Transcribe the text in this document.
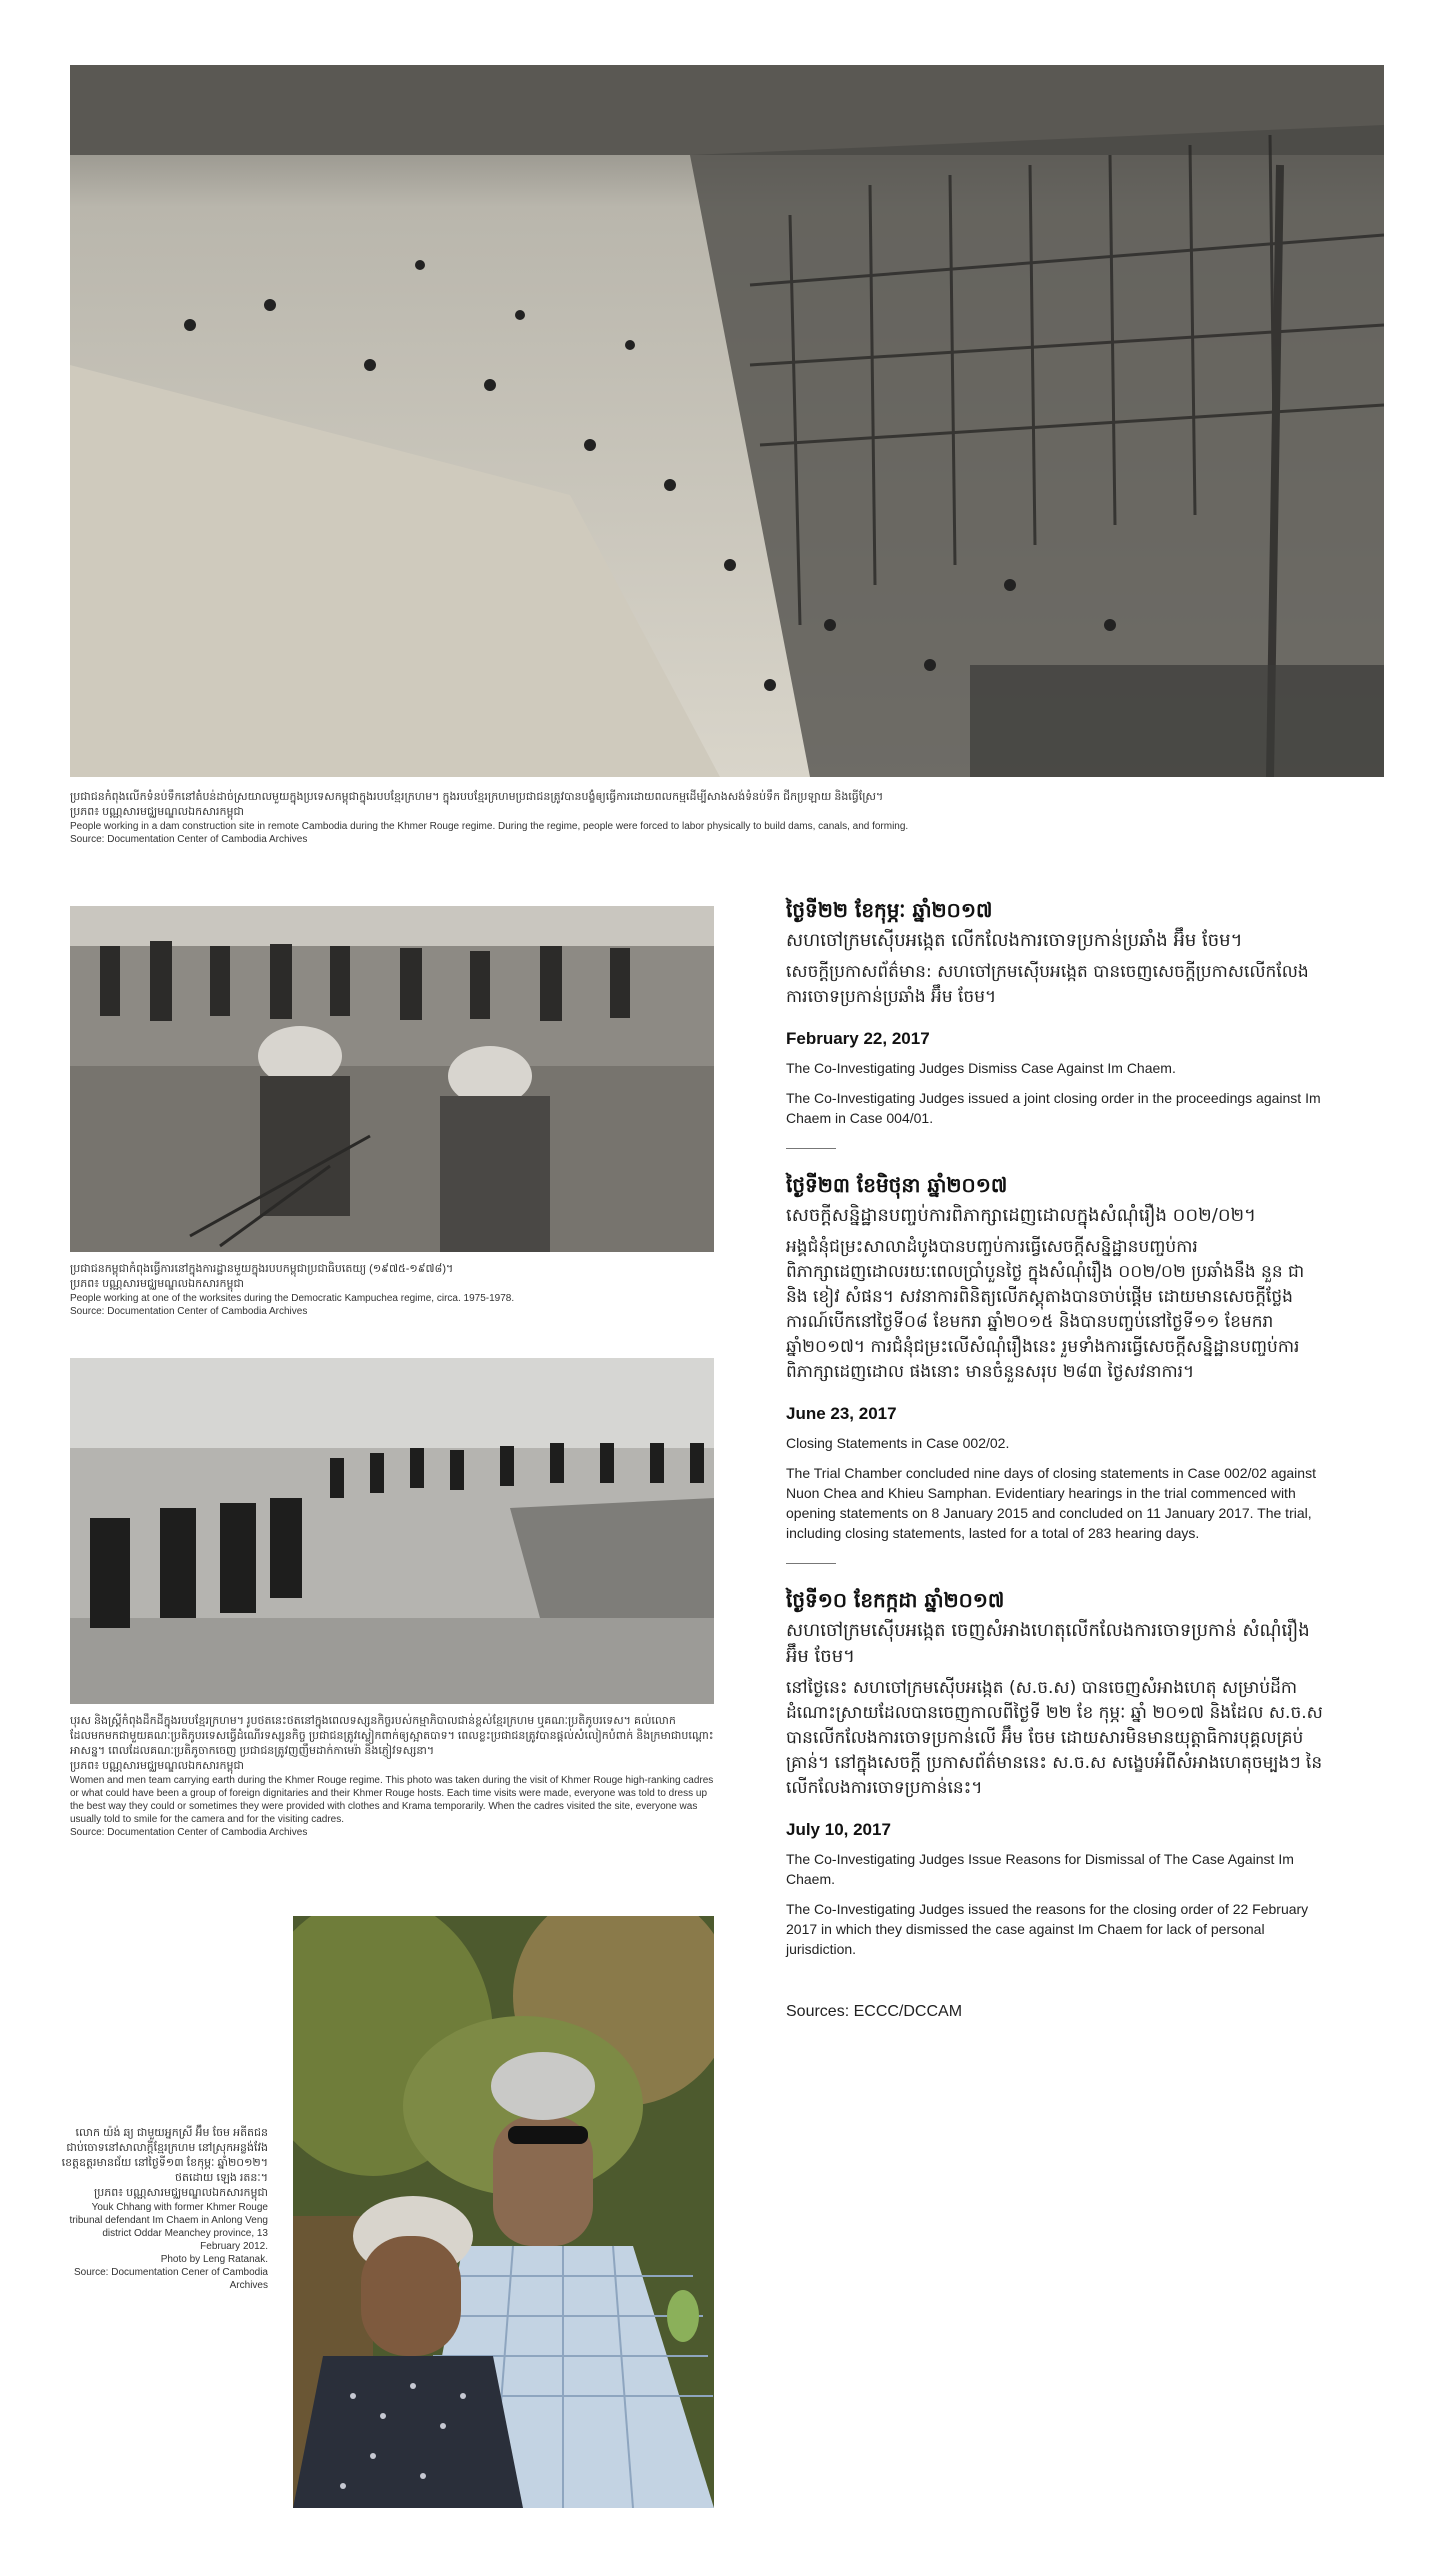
ប្រជាជនកំពុងលើកទំនប់ទឹកនៅតំបន់ដាច់ស្រយាលមួយក្នុងប្រទេសកម្ពុជាក្នុងរបបខ្មែរក្រហម។ ក្នុងរបបខ្មែរក្រហមប្រជាជនត្រូវបានបង្ខំឲ្យធ្វើការដោយពលកម្មដើម្បីសាងសង់ទំនប់ទឹក ជីកប្រឡាយ និងធ្វើស្រែ។
ប្រភព៖ បណ្ណសារមជ្ឈមណ្ឌលឯកសារកម្ពុជា
People working in a dam construction site in remote Cambodia during the Khmer Rouge regime. During the regime, people were forced to labor physically to build dams, canals, and forming.
Source: Documentation Center of Cambodia Archives
ប្រជាជនកម្ពុជាកំពុងធ្វើការនៅក្នុងការដ្ឋានមួយក្នុងរបបកម្ពុជាប្រជាធិបតេយ្យ (១៩៧៥-១៩៧៨)។
ប្រភព៖ បណ្ណសារមជ្ឈមណ្ឌលឯកសារកម្ពុជា
People working at one of the worksites during the Democratic Kampuchea regime, circa. 1975-1978.
Source: Documentation Center of Cambodia Archives
បុរស និងស្ត្រីកំពុងដឹកដីក្នុងរបបខ្មែរក្រហម។ រូបថតនេះថតនៅក្នុងពេលទស្សនកិច្ចរបស់កម្មាភិបាលជាន់ខ្ពស់ខ្មែរក្រហម ឬគណៈប្រតិភូបរទេស។ គល់លោកដែលមកមកជាមួយគណៈប្រតិភូបរទេសធ្វើដំណើរទស្សនកិច្ច ប្រជាជនត្រូវស្លៀកពាក់ឲ្យស្អាតបាទ។ ពេលខ្លះប្រជាជនត្រូវបានផ្តល់សំលៀកបំពាក់ និងក្រមាជាបណ្តោះអាសន្ន។ ពេលដែលគណៈប្រតិភូចាកចេញ ប្រជាជនត្រូវញញឹមដាក់កាមេរ៉ា និងភ្ញៀវទស្សនា។
ប្រភព៖ បណ្ណសារមជ្ឈមណ្ឌលឯកសារកម្ពុជា
Women and men team carrying earth during the Khmer Rouge regime. This photo was taken during the visit of Khmer Rouge high-ranking cadres or what could have been a group of foreign dignitaries and their Khmer Rouge hosts. Each time visits were made, everyone was told to dress up the best way they could or sometimes they were provided with clothes and Krama temporarily. When the cadres visited the site, everyone was usually told to smile for the camera and for the visiting cadres.
Source: Documentation Center of Cambodia Archives
លោក យ៉ង់ ឆ្យ ជាមួយអ្នកស្រី អ៊ឹម ចែម អតីតជនជាប់ចោទនៅសាលាក្តីខ្មែរក្រហម នៅស្រុកអន្លង់វែង ខេត្តឧត្តរមានជ័យ នៅថ្ងៃទី១៣ ខែកុម្ភៈ ឆ្នាំ២០១២។ ថតដោយ ឡេង រតនៈ។
ប្រភព៖ បណ្ណសារមជ្ឈមណ្ឌលឯកសារកម្ពុជា
Youk Chhang with former Khmer Rouge tribunal defendant Im Chaem in Anlong Veng district Oddar Meanchey province, 13 February 2012.
Photo by Leng Ratanak.
Source: Documentation Cener of Cambodia Archives
ថ្ងៃទី២២ ខែកុម្ភៈ ឆ្នាំ២០១៧
សហចៅក្រមស៊ើបអង្កេត លើកលែងការចោទប្រកាន់ប្រឆាំង អ៊ឹម ចែម។
សេចក្តីប្រកាសព័ត៌មាន: សហចៅក្រមស៊ើបអង្កេត បានចេញសេចក្តីប្រកាសលើកលែងការចោទប្រកាន់ប្រឆាំង អ៊ឹម ចែម។
February 22, 2017
The Co-Investigating Judges Dismiss Case Against Im Chaem.
The Co-Investigating Judges issued a joint closing order in the proceedings against Im Chaem in Case 004/01.
ថ្ងៃទី២៣ ខែមិថុនា ឆ្នាំ២០១៧
សេចក្តីសន្និដ្ឋានបញ្ចប់ការពិភាក្សាដេញដោលក្នុងសំណុំរឿង ០០២/០២។
អង្គជំនុំជម្រះសាលាដំបូងបានបញ្ចប់ការធ្វើសេចក្តីសន្និដ្ឋានបញ្ចប់ការពិភាក្សាដេញដោលរយៈពេលប្រាំបួនថ្ងៃ ក្នុងសំណុំរឿង ០០២/០២ ប្រឆាំងនឹង នួន ជា និង ខៀវ សំផន។ សវនាការពិនិត្យលើភស្តុតាងបានចាប់ផ្តើម ដោយមានសេចក្តីថ្លែងការណ៍បើកនៅថ្ងៃទី០៨ ខែមករា ឆ្នាំ២០១៥ និងបានបញ្ចប់នៅថ្ងៃទី១១ ខែមករា ឆ្នាំ២០១៧។ ការជំនុំជម្រះលើសំណុំរឿងនេះ រួមទាំងការធ្វើសេចក្តីសន្និដ្ឋានបញ្ចប់ការពិភាក្សាដេញដោល ផងនោះ មានចំនួនសរុប ២៨៣ ថ្ងៃសវនាការ។
June 23, 2017
Closing Statements in Case 002/02.
The Trial Chamber concluded nine days of closing statements in Case 002/02 against Nuon Chea and Khieu Samphan. Evidentiary hearings in the trial commenced with opening statements on 8 January 2015 and concluded on 11 January 2017. The trial, including closing statements, lasted for a total of 283 hearing days.
ថ្ងៃទី១០ ខែកក្កដា ឆ្នាំ២០១៧
សហចៅក្រមស៊ើបអង្កេត ចេញសំអាងហេតុលើកលែងការចោទប្រកាន់ សំណុំរឿង អ៊ឹម ចែម។
នៅថ្ងៃនេះ សហចៅក្រមស៊ើបអង្កេត (ស.ច.ស) បានចេញសំអាងហេតុ សម្រាប់ដីកាដំណោះស្រាយដែលបានចេញកាលពីថ្ងៃទី ២២ ខែ កុម្ភៈ ឆ្នាំ ២០១៧ និងដែល ស.ច.ស បានលើកលែងការចោទប្រកាន់លើ អ៊ឹម ចែម ដោយសារមិនមានយុត្តាធិការបុគ្គលគ្រប់គ្រាន់។ នៅក្នុងសេចក្តី ប្រកាសព័ត៌មាននេះ ស.ច.ស សង្ខេបអំពីសំអាងហេតុចម្បងៗ នៃលើកលែងការចោទប្រកាន់នេះ។
July 10, 2017
The Co-Investigating Judges Issue Reasons for Dismissal of The Case Against Im Chaem.
The Co-Investigating Judges issued the reasons for the closing order of 22 February 2017 in which they dismissed the case against Im Chaem for lack of personal jurisdiction.
Sources: ECCC/DCCAM
